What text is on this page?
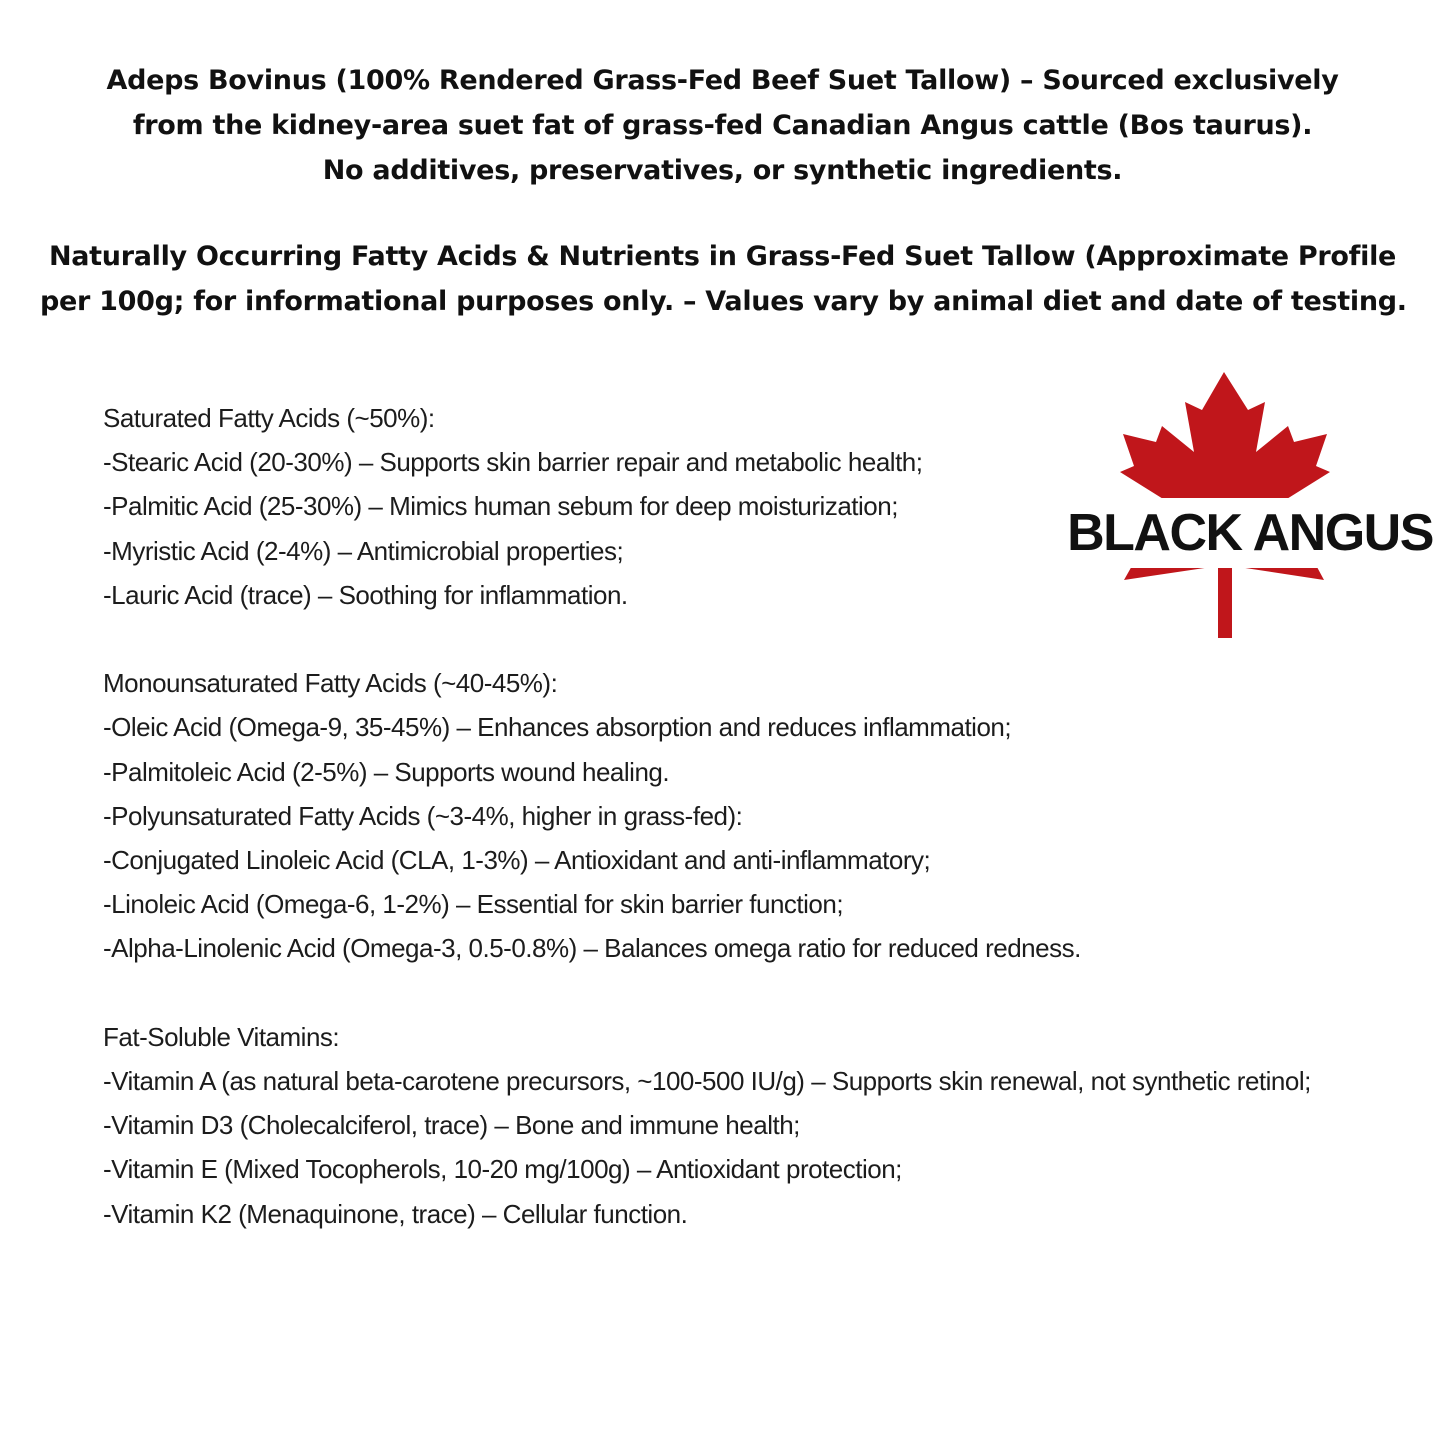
Adeps Bovinus (100% Rendered Grass-Fed Beef Suet Tallow) – Sourced exclusively
from the kidney-area suet fat of grass-fed Canadian Angus cattle (Bos taurus).
No additives, preservatives, or synthetic ingredients.
Naturally Occurring Fatty Acids & Nutrients in Grass-Fed Suet Tallow (Approximate Profile
per 100g; for informational purposes only. – Values vary by animal diet and date of testing.
BLACK ANGUS
Saturated Fatty Acids (~50%):
-Stearic Acid (20-30%) – Supports skin barrier repair and metabolic health;
-Palmitic Acid (25-30%) – Mimics human sebum for deep moisturization;
-Myristic Acid (2-4%) – Antimicrobial properties;
-Lauric Acid (trace) – Soothing for inflammation.
Monounsaturated Fatty Acids (~40-45%):
-Oleic Acid (Omega-9, 35-45%) – Enhances absorption and reduces inflammation;
-Palmitoleic Acid (2-5%) – Supports wound healing.
-Polyunsaturated Fatty Acids (~3-4%, higher in grass-fed):
-Conjugated Linoleic Acid (CLA, 1-3%) – Antioxidant and anti-inflammatory;
-Linoleic Acid (Omega-6, 1-2%) – Essential for skin barrier function;
-Alpha-Linolenic Acid (Omega-3, 0.5-0.8%) – Balances omega ratio for reduced redness.
Fat-Soluble Vitamins:
-Vitamin A (as natural beta-carotene precursors, ~100-500 IU/g) – Supports skin renewal, not synthetic retinol;
-Vitamin D3 (Cholecalciferol, trace) – Bone and immune health;
-Vitamin E (Mixed Tocopherols, 10-20 mg/100g) – Antioxidant protection;
-Vitamin K2 (Menaquinone, trace) – Cellular function.
